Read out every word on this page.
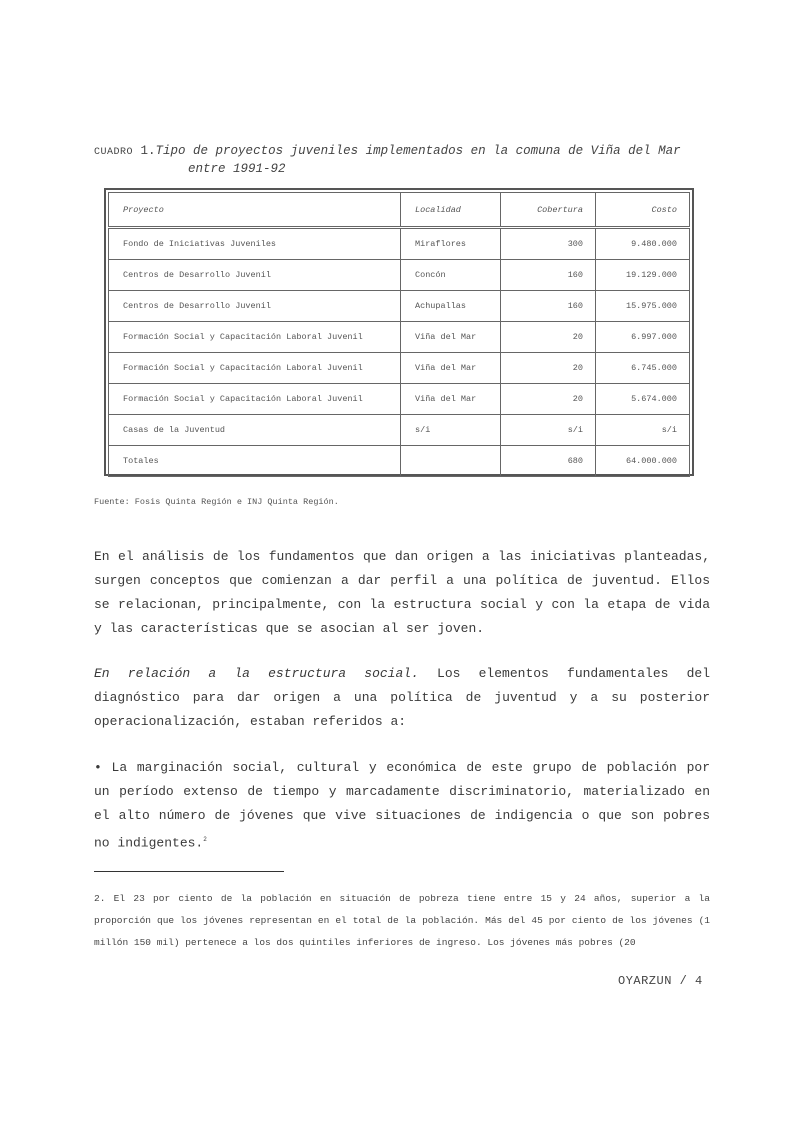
CUADRO 1.Tipo de proyectos juveniles implementados en la comuna de Viña del Mar
entre 1991-92
Proyecto	Localidad	Cobertura	Costo
Fondo de Iniciativas Juveniles	Miraflores	300	9.480.000
Centros de Desarrollo Juvenil	Concón	160	19.129.000
Centros de Desarrollo Juvenil	Achupallas	160	15.975.000
Formación Social y Capacitación Laboral Juvenil	Viña del Mar	20	6.997.000
Formación Social y Capacitación Laboral Juvenil	Viña del Mar	20	6.745.000
Formación Social y Capacitación Laboral Juvenil	Viña del Mar	20	5.674.000
Casas de la Juventud	s/i	s/i	s/i
Totales		680	64.000.000
Fuente: Fosis Quinta Región e INJ Quinta Región.
En el análisis de los fundamentos que dan origen a las iniciativas planteadas, surgen conceptos que comienzan a dar perfil a una política de juventud. Ellos se relacionan, principalmente, con la estructura social y con la etapa de vida y las características que se asocian al ser joven.
En relación a la estructura social. Los elementos fundamentales del diagnóstico para dar origen a una política de juventud y a su posterior operacionalización, estaban referidos a:
• La marginación social, cultural y económica de este grupo de población por un período extenso de tiempo y marcadamente discriminatorio, materializado en el alto número de jóvenes que vive situaciones de indigencia o que son pobres no indigentes.$^2$
2. El 23 por ciento de la población en situación de pobreza tiene entre 15 y 24 años, superior a la proporción que los jóvenes representan en el total de la población. Más del 45 por ciento de los jóvenes (1 millón 150 mil) pertenece a los dos quintiles inferiores de ingreso. Los jóvenes más pobres (20
OYARZUN / 4
